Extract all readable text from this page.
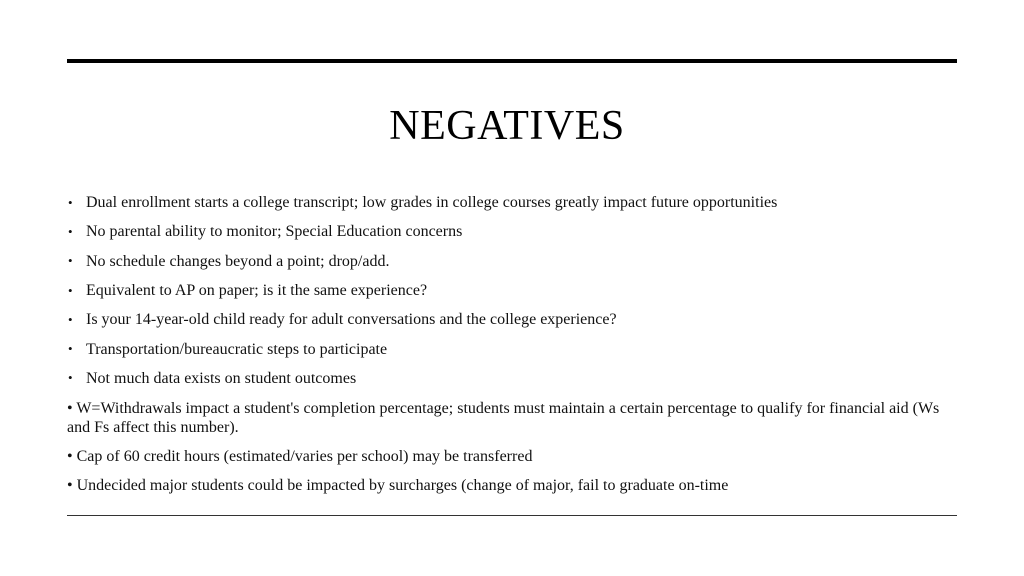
NEGATIVES
• Dual enrollment starts a college transcript; low grades in college courses greatly impact future opportunities
• No parental ability to monitor; Special Education concerns
• No schedule changes beyond a point; drop/add.
• Equivalent to AP on paper; is it the same experience?
• Is your 14-year-old child ready for adult conversations and the college experience?
• Transportation/bureaucratic steps to participate
• Not much data exists on student outcomes
• W=Withdrawals impact a student's completion percentage; students must maintain a certain percentage to qualify for financial aid (Ws and Fs affect this number).
• Cap of 60 credit hours (estimated/varies per school) may be transferred
• Undecided major students could be impacted by surcharges (change of major, fail to graduate on-time
